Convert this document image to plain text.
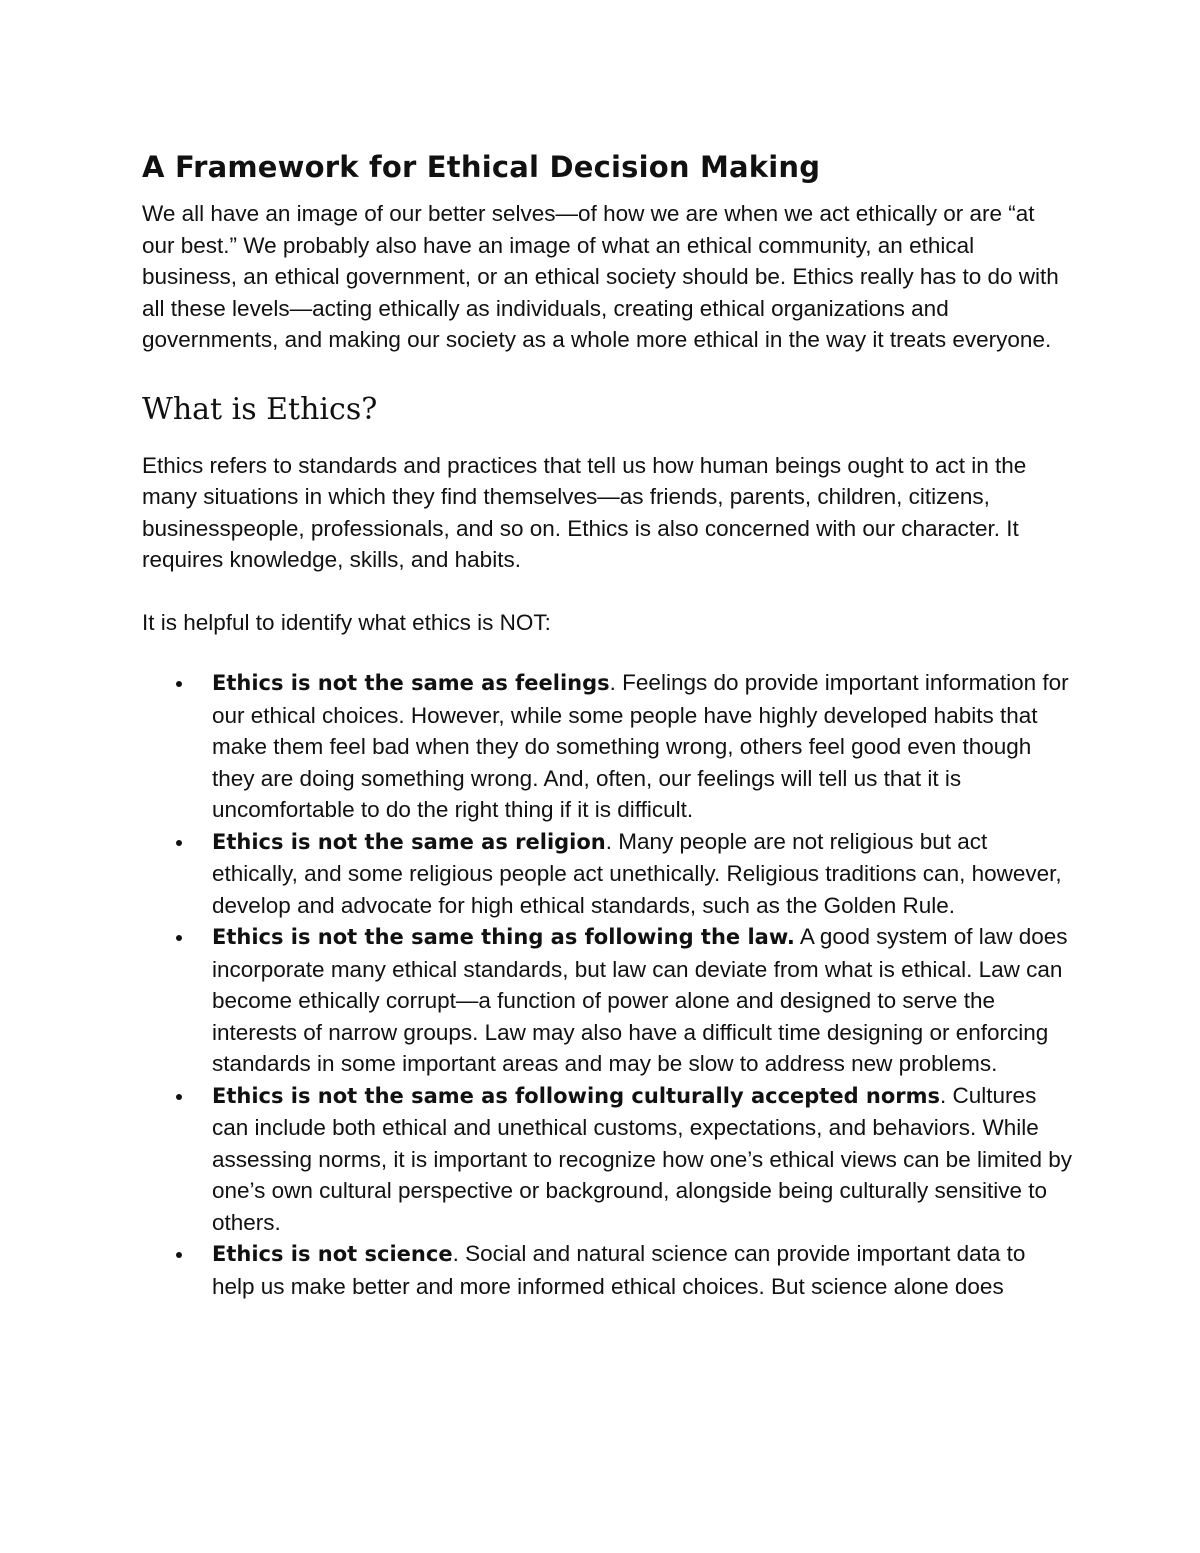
A Framework for Ethical Decision Making

We all have an image of our better selves—of how we are when we act ethically or are “at our best.” We probably also have an image of what an ethical community, an ethical business, an ethical government, or an ethical society should be. Ethics really has to do with all these levels—acting ethically as individuals, creating ethical organizations and governments, and making our society as a whole more ethical in the way it treats everyone.

What is Ethics?

Ethics refers to standards and practices that tell us how human beings ought to act in the many situations in which they find themselves—as friends, parents, children, citizens, businesspeople, professionals, and so on. Ethics is also concerned with our character. It requires knowledge, skills, and habits.

It is helpful to identify what ethics is NOT:

Ethics is not the same as feelings. Feelings do provide important information for our ethical choices. However, while some people have highly developed habits that make them feel bad when they do something wrong, others feel good even though they are doing something wrong. And, often, our feelings will tell us that it is uncomfortable to do the right thing if it is difficult.
Ethics is not the same as religion. Many people are not religious but act ethically, and some religious people act unethically. Religious traditions can, however, develop and advocate for high ethical standards, such as the Golden Rule.
Ethics is not the same thing as following the law. A good system of law does incorporate many ethical standards, but law can deviate from what is ethical. Law can become ethically corrupt—a function of power alone and designed to serve the interests of narrow groups. Law may also have a difficult time designing or enforcing standards in some important areas and may be slow to address new problems.
Ethics is not the same as following culturally accepted norms. Cultures can include both ethical and unethical customs, expectations, and behaviors. While assessing norms, it is important to recognize how one’s ethical views can be limited by one’s own cultural perspective or background, alongside being culturally sensitive to others.
Ethics is not science. Social and natural science can provide important data to help us make better and more informed ethical choices. But science alone does
